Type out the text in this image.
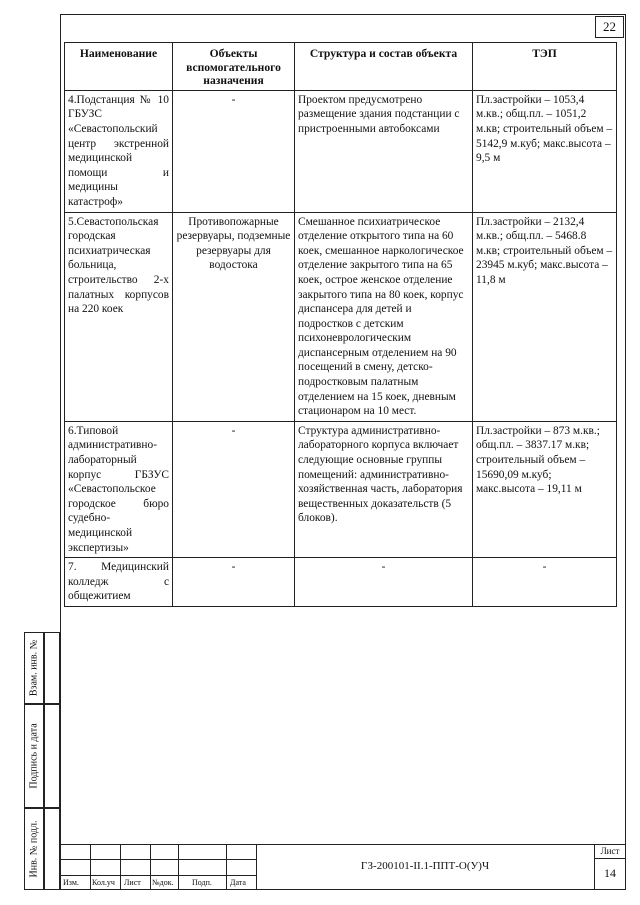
22
Наименование	Объекты вспомогательного назначения	Структура и состав объекта	ТЭП
4.Подстанция № 10 ГБУЗС «Севастопольский центр экстренной медицинской помощи и медицины катастроф»	-	Проектом предусмотрено размещение здания подстанции с пристроенными автобоксами	Пл.застройки – 1053,4 м.кв.; общ.пл. – 1051,2 м.кв; строительный объем – 5142,9 м.куб; макс.высота – 9,5 м
5.Севастопольская городская психиатрическая больница, строительство 2-х палатных корпусов на 220 коек	Противопожарные резервуары, подземные резервуары для водостока	Смешанное психиатрическое отделение открытого типа на 60 коек, смешанное наркологическое отделение закрытого типа на 65 коек, острое женское отделение закрытого типа на 80 коек, корпус диспансера для детей и подростков с детским психоневрологическим диспансерным отделением на 90 посещений в смену, детско-подростковым палатным отделением на 15 коек, дневным стационаром на 10 мест.	Пл.застройки – 2132,4 м.кв.; общ.пл. – 5468.8 м.кв; строительный объем – 23945 м.куб; макс.высота – 11,8 м
6.Типовой административно-лабораторный корпус ГБЗУС «Севастопольское городское бюро судебно-медицинской экспертизы»	-	Структура административно-лабораторного корпуса включает следующие основные группы помещений: административно-хозяйственная часть, лаборатория вещественных доказательств (5 блоков).	Пл.застройки – 873 м.кв.; общ.пл. – 3837.17 м.кв; строительный объем – 15690,09 м.куб; макс.высота – 19,11 м
7. Медицинский колледж с общежитием	-	-	-
Взам. инв. №
Подпись и дата
Инв. № подл.
Изм. Кол.уч Лист №док. Подп. Дата
ГЗ-200101-II.1-ППТ-О(У)Ч
Лист
14
